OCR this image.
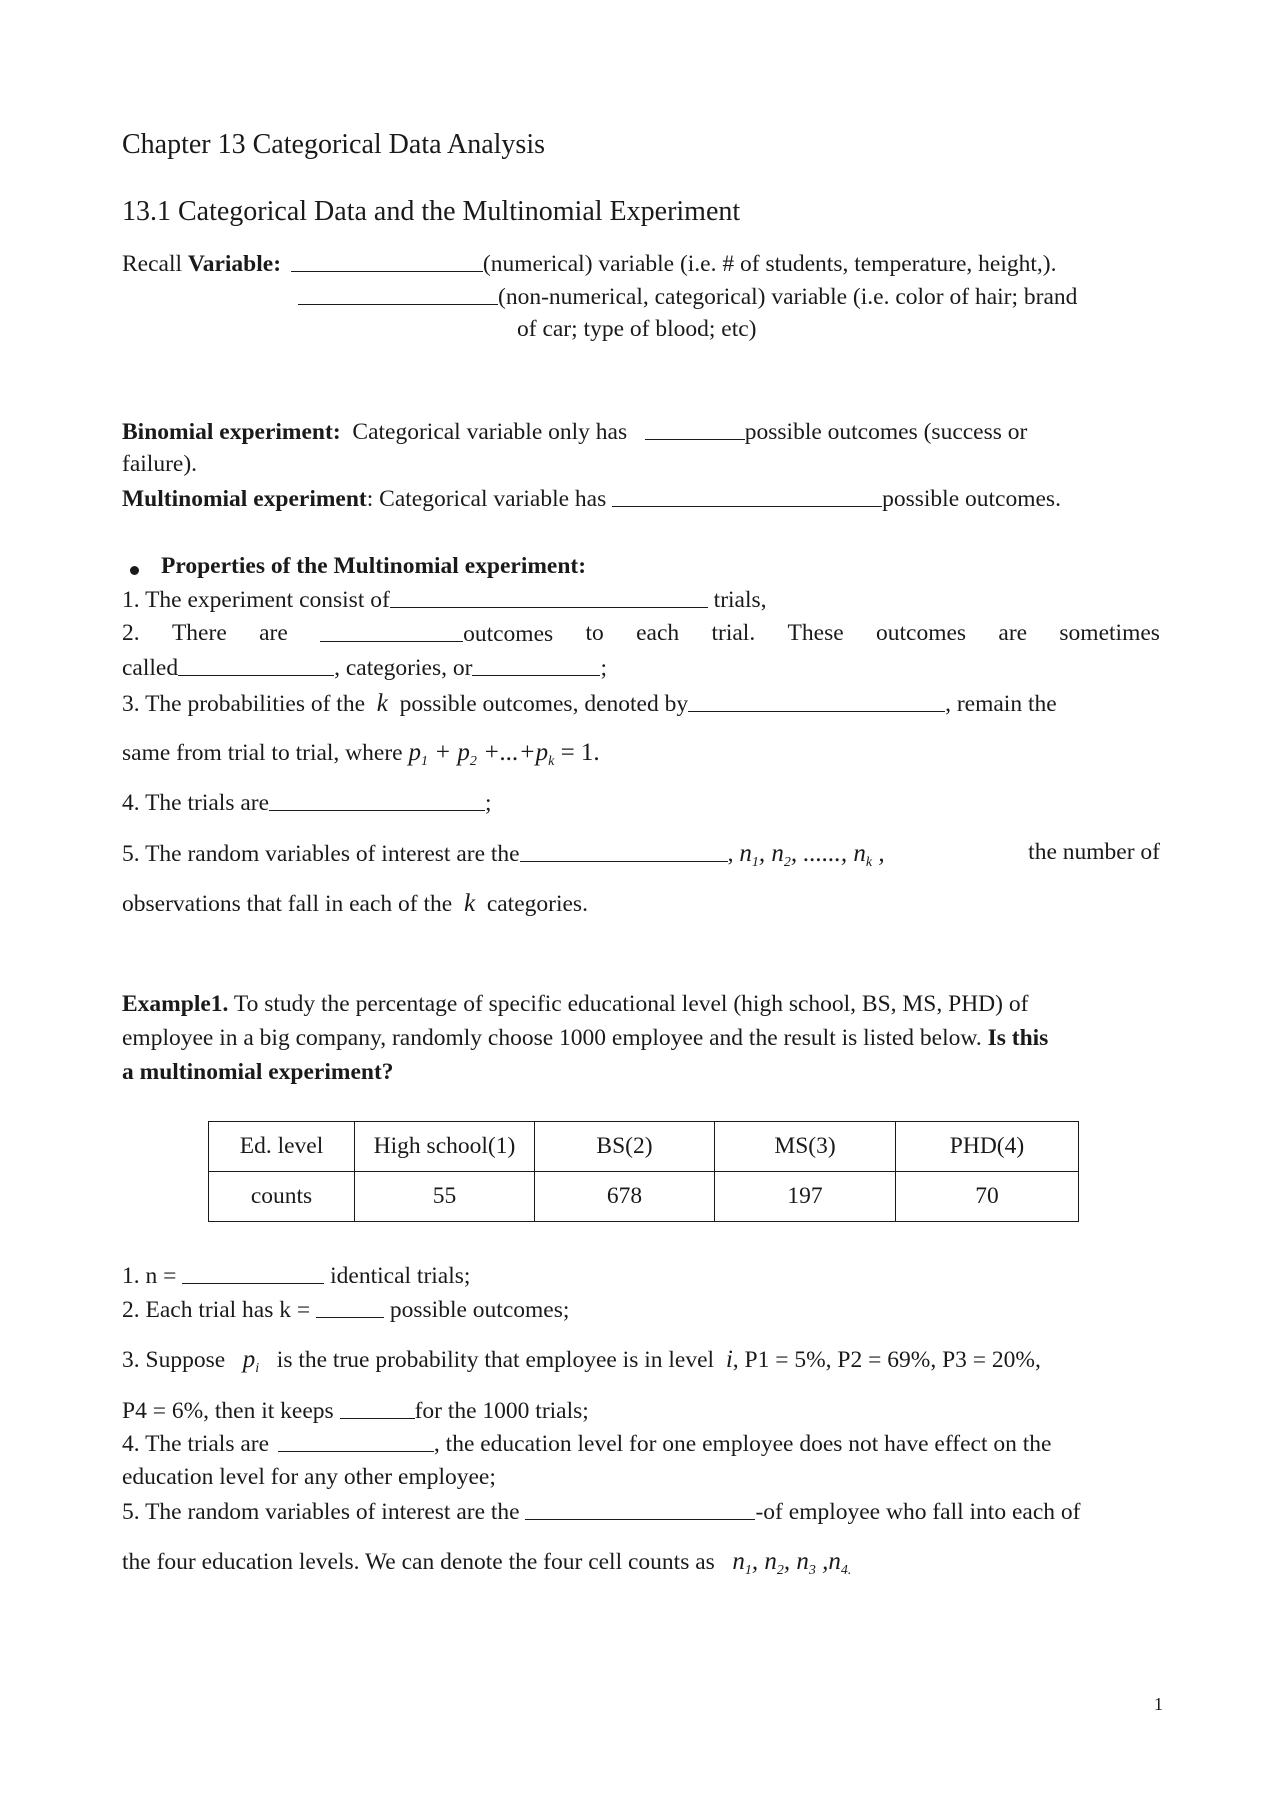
Chapter 13 Categorical Data Analysis
13.1 Categorical Data and the Multinomial Experiment
Recall Variable:	(numerical) variable (i.e. # of students, temperature, height,).
(non-numerical, categorical) variable (i.e. color of hair; brand
of car; type of blood; etc)
Binomial experiment: Categorical variable only has	possible outcomes (success or
failure).
Multinomial experiment: Categorical variable has	possible outcomes.
Properties of the Multinomial experiment:
1. The experiment consist of	trials,
2. There are	outcomes to each trial. These outcomes are sometimes
called	, categories, or	;
3. The probabilities of the k possible outcomes, denoted by	, remain the
same from trial to trial, where $p_1 + p_2 +...+p_k = 1$.
4. The trials are	;
5. The random variables of interest are the	, $n_1$, $n_2$, ......, $n_k$ ,	the number of
observations that fall in each of the k categories.
Example1. To study the percentage of specific educational level (high school, BS, MS, PHD) of
employee in a big company, randomly choose 1000 employee and the result is listed below. Is this
a multinomial experiment?
Ed. level	High school(1)	BS(2)	MS(3)	PHD(4)
counts	55	678	197	70
1. n =	identical trials;
2. Each trial has k =	possible outcomes;
3. Suppose $p_i$ is the true probability that employee is in level i, P1 = 5%, P2 = 69%, P3 = 20%,
P4 = 6%, then it keeps	for the 1000 trials;
4. The trials are	, the education level for one employee does not have effect on the
education level for any other employee;
5. The random variables of interest are the	-of employee who fall into each of
the four education levels. We can denote the four cell counts as $n_1$, $n_2$, $n_3$ $,n_{4.}$
1
